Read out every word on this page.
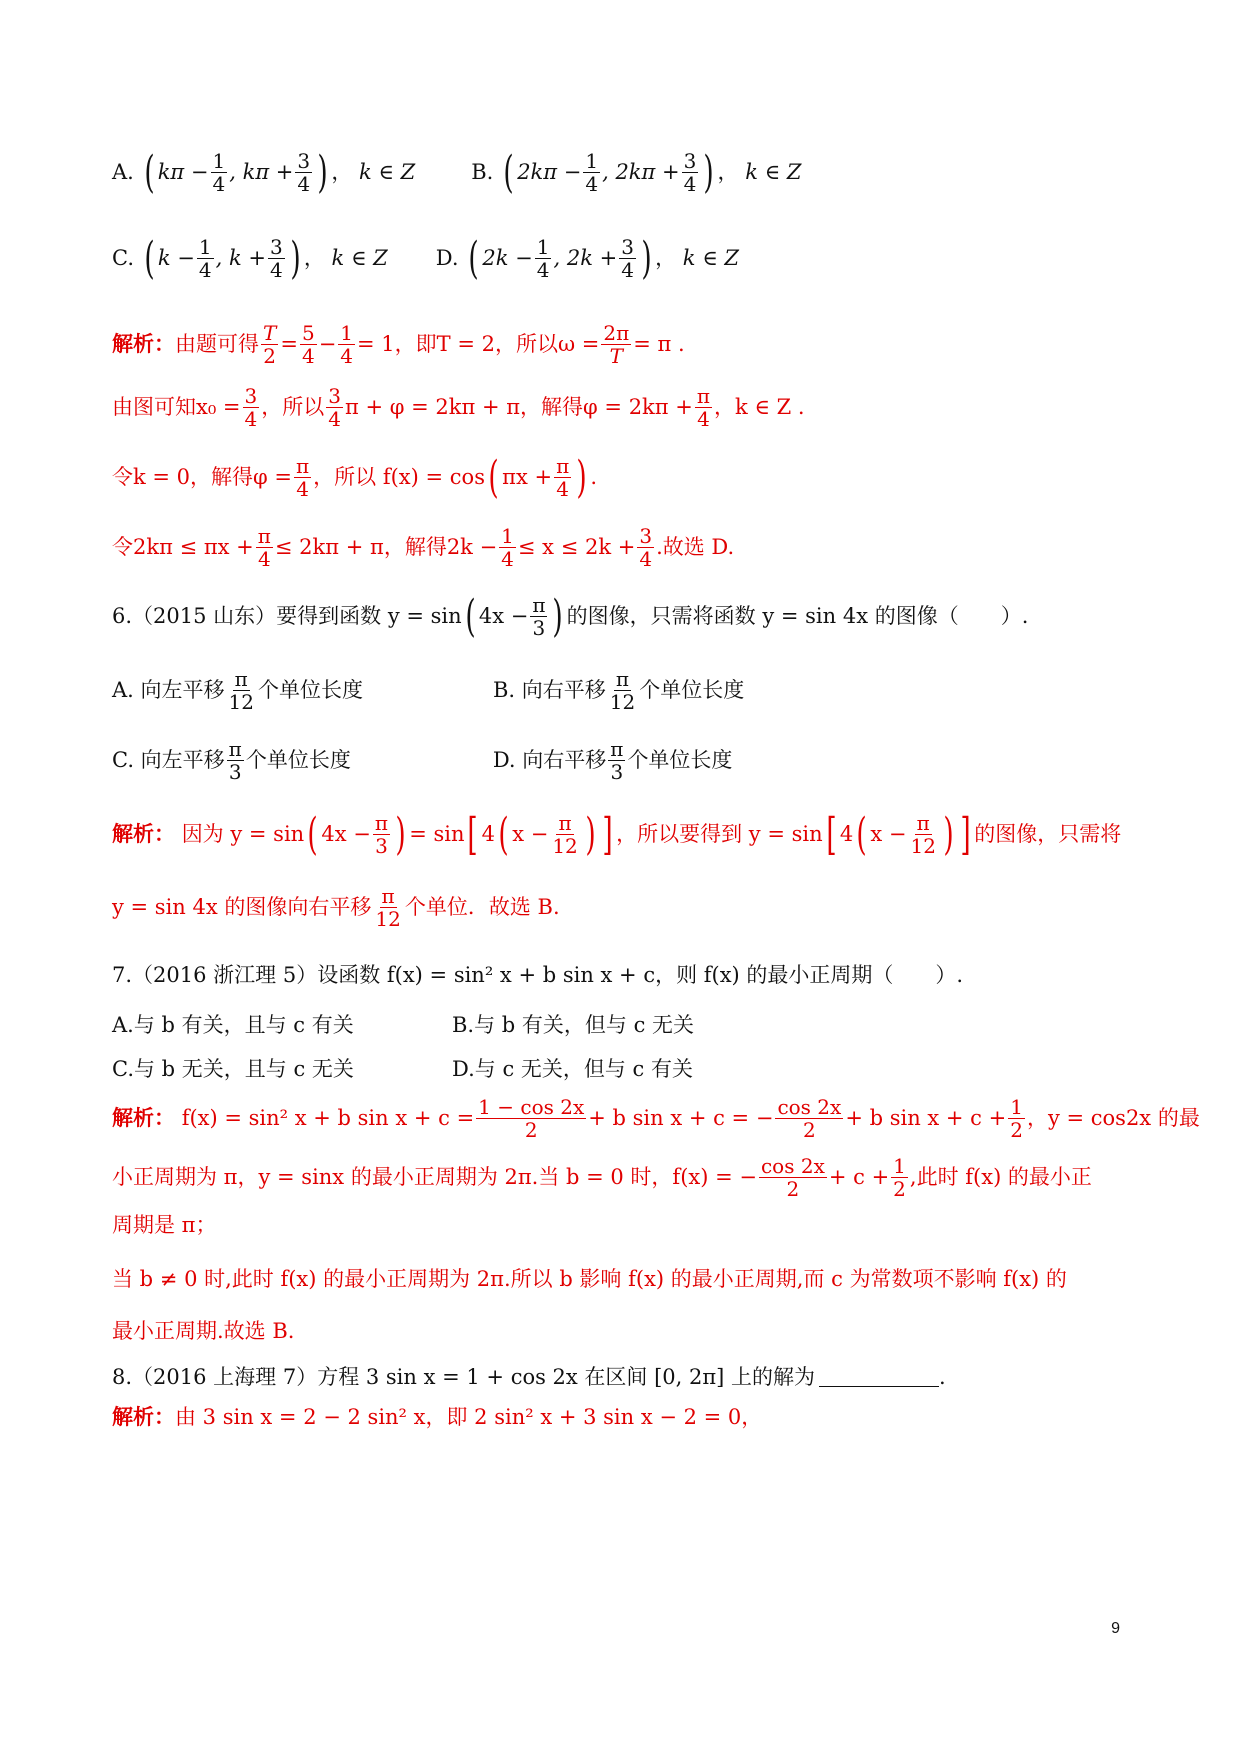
A.
( $k\pi - \frac{1}{4}$ , $k\pi + \frac{3}{4}$ ) ， k ∈ Z	B.
( $2k\pi - \frac{1}{4}$ , $2k\pi + \frac{3}{4}$ ) ， k ∈ Z
C.
( $k - \frac{1}{4}$ , $k + \frac{3}{4}$ ) ， k ∈ Z D.
( $2k - \frac{1}{4}$ , $2k + \frac{3}{4}$ ) ， k ∈ Z
解析： 由题可得 T
2 = 5
4 − 1
4 = 1 ，即T = 2，所以$\omega = \frac{2\pi}{T} = \pi$ .
由图可知$x_0 = \frac{3}{4}$ ，所以 3
4 π + φ = 2kπ + π，解得$\varphi = 2k\pi + \frac{\pi}{4}$ ，k ∈ Z .
令k = 0，解得$\varphi = \frac{\pi}{4}$ ，所以 f(x) = cos ( πx + π
4 ) .
令$2k\pi \le \pi x + \frac{\pi}{4} \le 2k\pi + \pi$，解得$2k - \frac{1}{4} \le x \le 2k + \frac{3}{4}$ .故选 D.
6.（2015 山东）要得到函数 y = sin ( 4x − π
3 ) 的图像，只需将函数 y = sin 4x 的图像（　　）.
A. 向左平移 π
12 个单位长度	B. 向右平移 π
12 个单位长度
C. 向左平移 π
3 个单位长度	D. 向右平移 π
3 个单位长度
解析：
因为 y = sin ( 4x − π
3 ) = sin [ 4 ( x − π
12 ) ] ，所以要得到 y = sin [ 4 ( x − π
12 ) ] 的图像，只需将
y = sin 4x 的图像向右平移 π
12 个单位．故选 B.
7.（2016 浙江理 5）设函数 f(x) = sin² x + b sin x + c，则 f(x) 的最小正周期（　　）.
A.与 b 有关，且与 c 有关	B.与 b 有关，但与 c 无关
C.与 b 无关，且与 c 无关	D.与 c 无关，但与 c 有关
解析：
f(x) = sin² x + b $\sin x + c = \frac{1 - \cos 2x}{2} + b$ sin x + c = − $\frac{\cos 2x}{2} + b$ $\sin x + c + \frac{1}{2}$ ，y = cos2x 的最
小正周期为 π，y = sinx 的最小正周期为 2π.当 b = 0 时，f(x) = − $\frac{\cos 2x}{2} + c + \frac{1}{2}$ ,此时 f(x) 的最小正
周期是 π；
当 b ≠ 0 时,此时 f(x) 的最小正周期为 2π.所以 b 影响 f(x) 的最小正周期,而 c 为常数项不影响 f(x) 的
最小正周期.故选 B.
8.（2016 上海理 7）方程 3 sin x = 1 + cos 2x 在区间 [0, 2π] 上的解为	.
解析： 由 3 sin x = 2 − 2 sin² x，即 2 sin² x + 3 sin x − 2 = 0，
9
